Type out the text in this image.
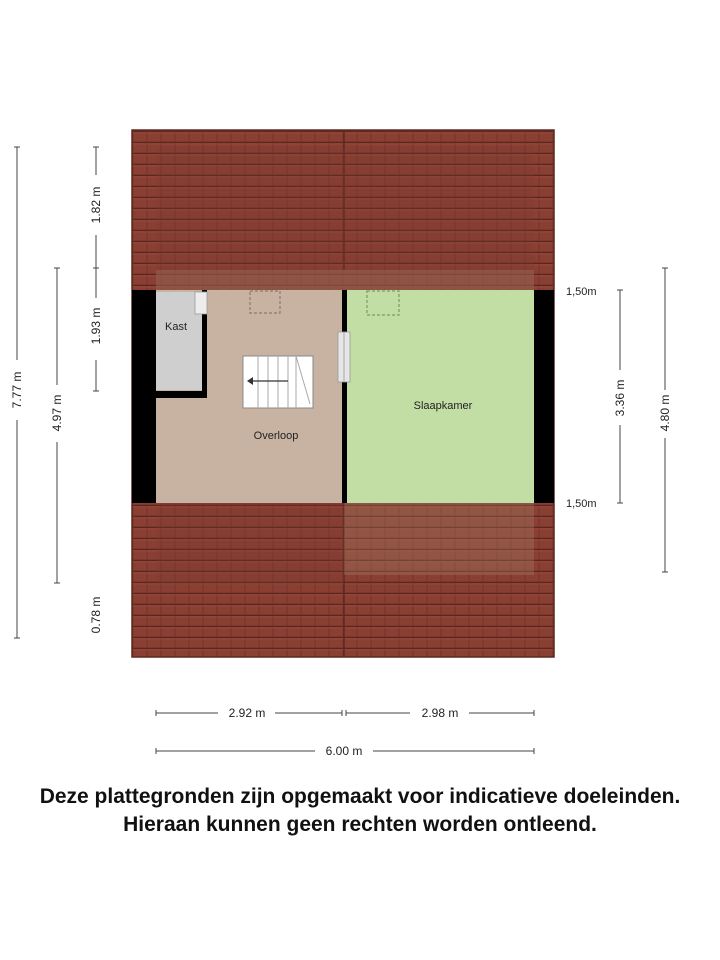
Kast
Overloop
Slaapkamer
7.77 m
4.97 m
1.82 m
1.93 m
0.78 m
3.36 m	4.80 m
1,50m
1,50m
2.92 m	2.98 m
6.00 m
Deze plattegronden zijn opgemaakt voor indicatieve doeleinden.
Hieraan kunnen geen rechten worden ontleend.
